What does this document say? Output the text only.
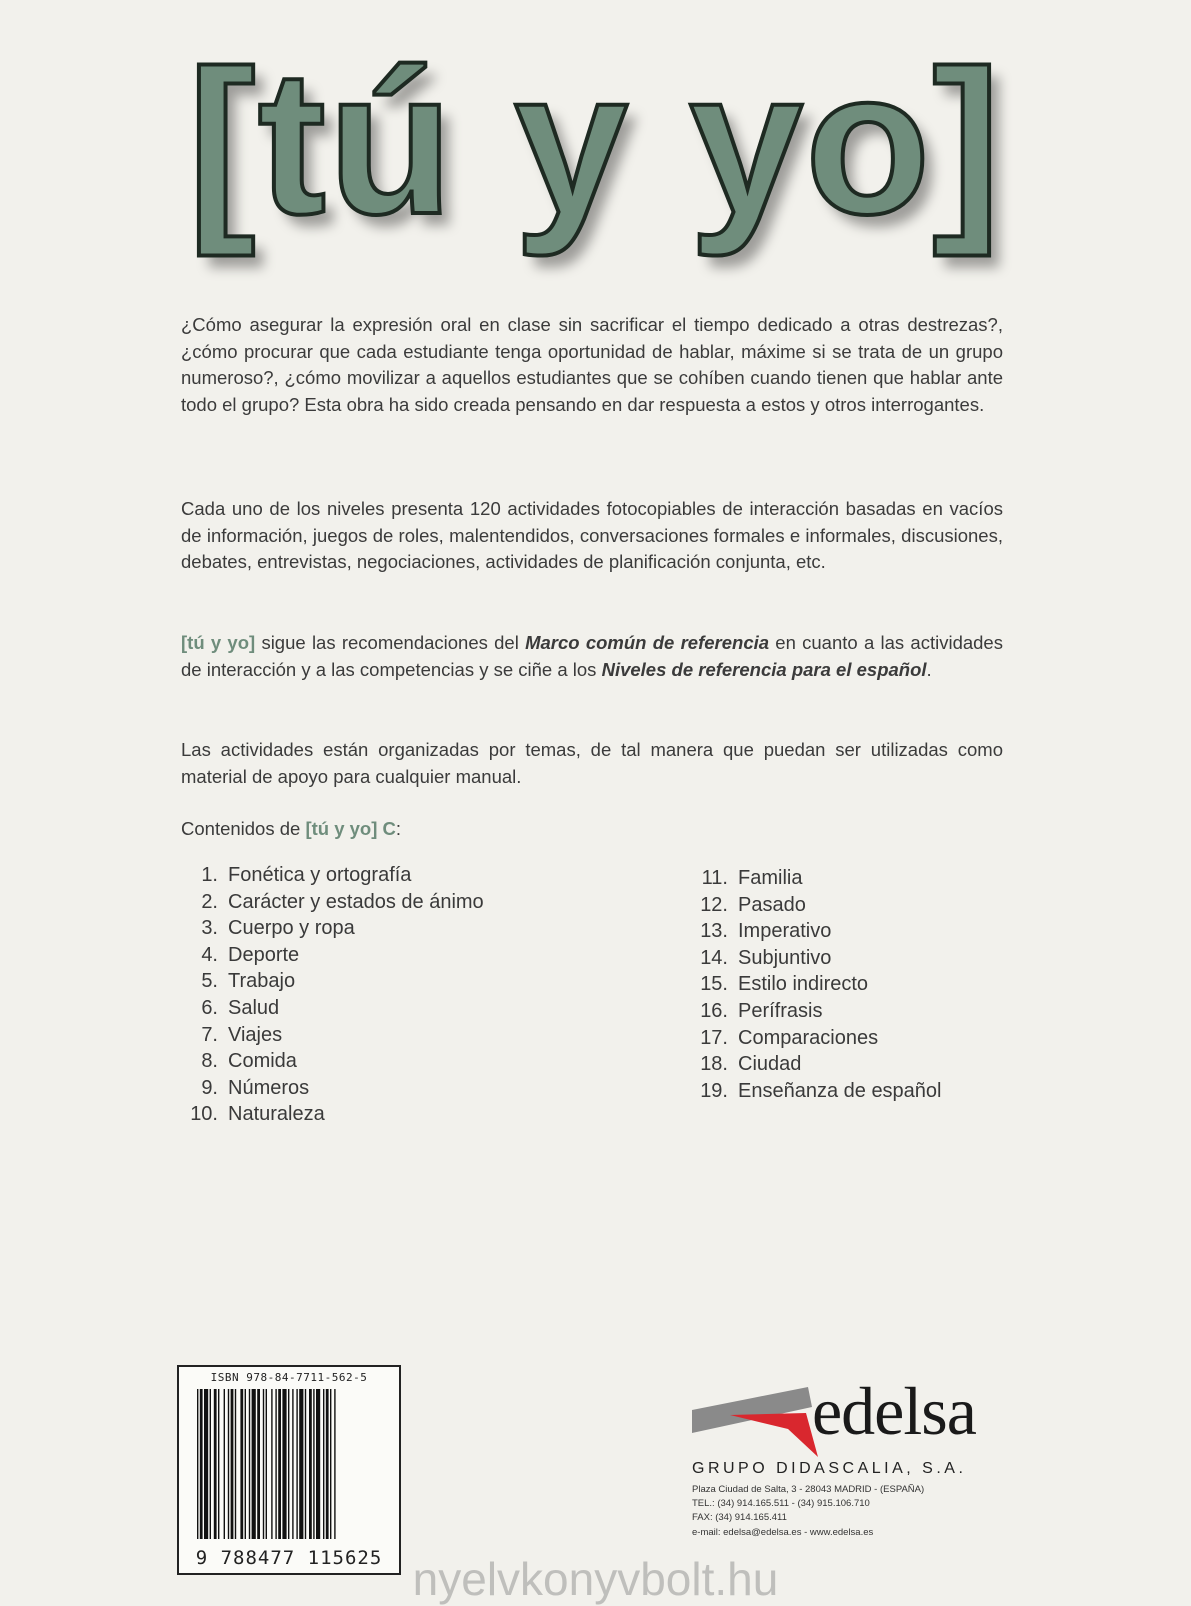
[tú y yo]

¿Cómo asegurar la expresión oral en clase sin sacrificar el tiempo dedicado a otras destrezas?, ¿cómo procurar que cada estudiante tenga oportunidad de hablar, máxime si se trata de un grupo numeroso?, ¿cómo movilizar a aquellos estudiantes que se cohíben cuando tienen que hablar ante todo el grupo? Esta obra ha sido creada pensando en dar respuesta a estos y otros interrogantes.

Cada uno de los niveles presenta 120 actividades fotocopiables de interacción basadas en vacíos de información, juegos de roles, malentendidos, conversaciones formales e informales, discusiones, debates, entrevistas, negociaciones, actividades de planificación conjunta, etc.

[tú y yo] sigue las recomendaciones del Marco común de referencia en cuanto a las actividades de interacción y a las competencias y se ciñe a los Niveles de referencia para el español.

Las actividades están organizadas por temas, de tal manera que puedan ser utilizadas como material de apoyo para cualquier manual.

Contenidos de [tú y yo] C:

1. Fonética y ortografía
2. Carácter y estados de ánimo
3. Cuerpo y ropa
4. Deporte
5. Trabajo
6. Salud
7. Viajes
8. Comida
9. Números
10. Naturaleza
11. Familia
12. Pasado
13. Imperativo
14. Subjuntivo
15. Estilo indirecto
16. Perífrasis
17. Comparaciones
18. Ciudad
19. Enseñanza de español
ISBN 978-84-7711-562-5
9 788477 115625
edelsa
GRUPO DIDASCALIA, S.A.
Plaza Ciudad de Salta, 3 - 28043 MADRID - (ESPAÑA)
TEL.: (34) 914.165.511 - (34) 915.106.710
FAX: (34) 914.165.411
e-mail: edelsa@edelsa.es - www.edelsa.es
nyelvkonyvbolt.hu
